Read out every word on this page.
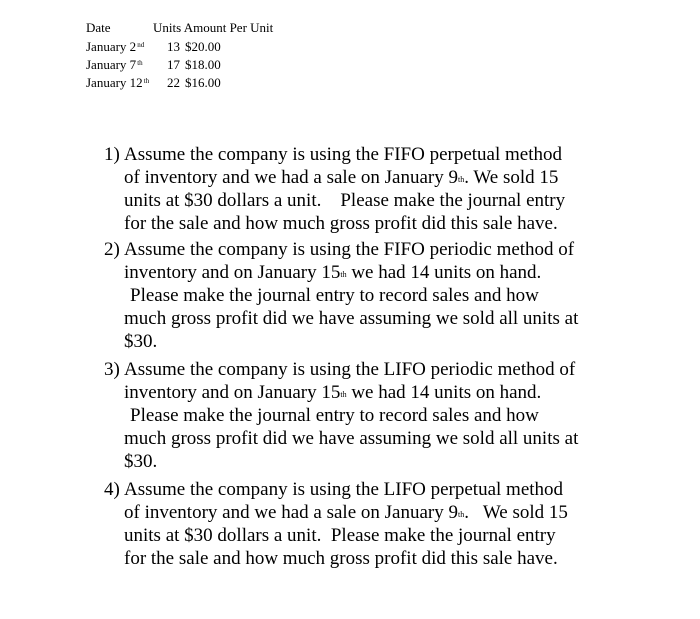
Date	Units Amount Per Unit
January 2nd 13 $20.00
January 7th 17 $18.00
January 12th 22 $16.00
1) Assume the company is using the FIFO perpetual method
of inventory and we had a sale on January 9th. We sold 15
units at $30 dollars a unit.    Please make the journal entry
for the sale and how much gross profit did this sale have.
2) Assume the company is using the FIFO periodic method of
inventory and on January 15th we had 14 units on hand.
Please make the journal entry to record sales and how
much gross profit did we have assuming we sold all units at
$30.
3) Assume the company is using the LIFO periodic method of
inventory and on January 15th we had 14 units on hand.
Please make the journal entry to record sales and how
much gross profit did we have assuming we sold all units at
$30.
4) Assume the company is using the LIFO perpetual method
of inventory and we had a sale on January 9th.   We sold 15
units at $30 dollars a unit.  Please make the journal entry
for the sale and how much gross profit did this sale have.
